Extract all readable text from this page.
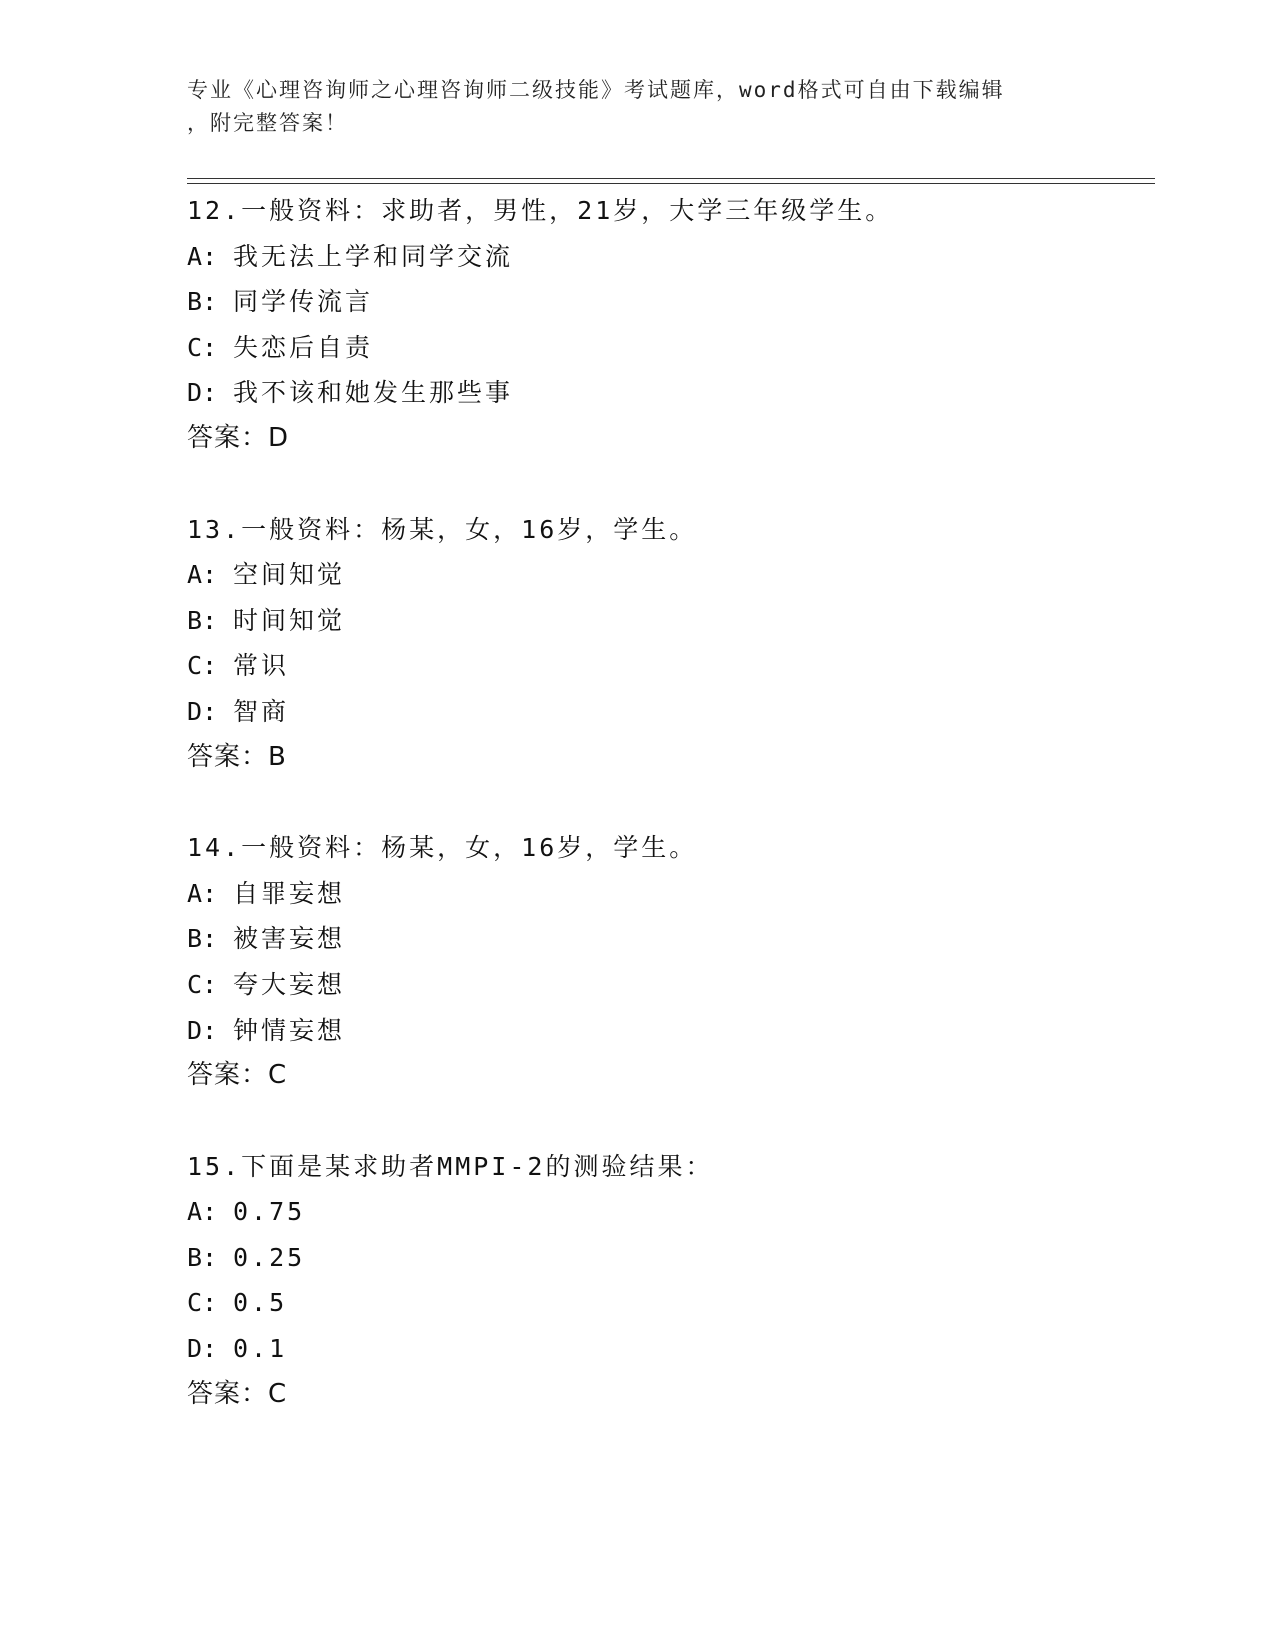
专业《心理咨询师之心理咨询师二级技能》考试题库，word格式可自由下载编辑
，附完整答案！
12.一般资料：求助者，男性，21岁，大学三年级学生。
A: 我无法上学和同学交流
B: 同学传流言
C: 失恋后自责
D: 我不该和她发生那些事
答案：D
13.一般资料：杨某，女，16岁，学生。
A: 空间知觉
B: 时间知觉
C: 常识
D: 智商
答案：B
14.一般资料：杨某，女，16岁，学生。
A: 自罪妄想
B: 被害妄想
C: 夸大妄想
D: 钟情妄想
答案：C
15.下面是某求助者MMPI-2的测验结果：
A: 0.75
B: 0.25
C: 0.5
D: 0.1
答案：C
